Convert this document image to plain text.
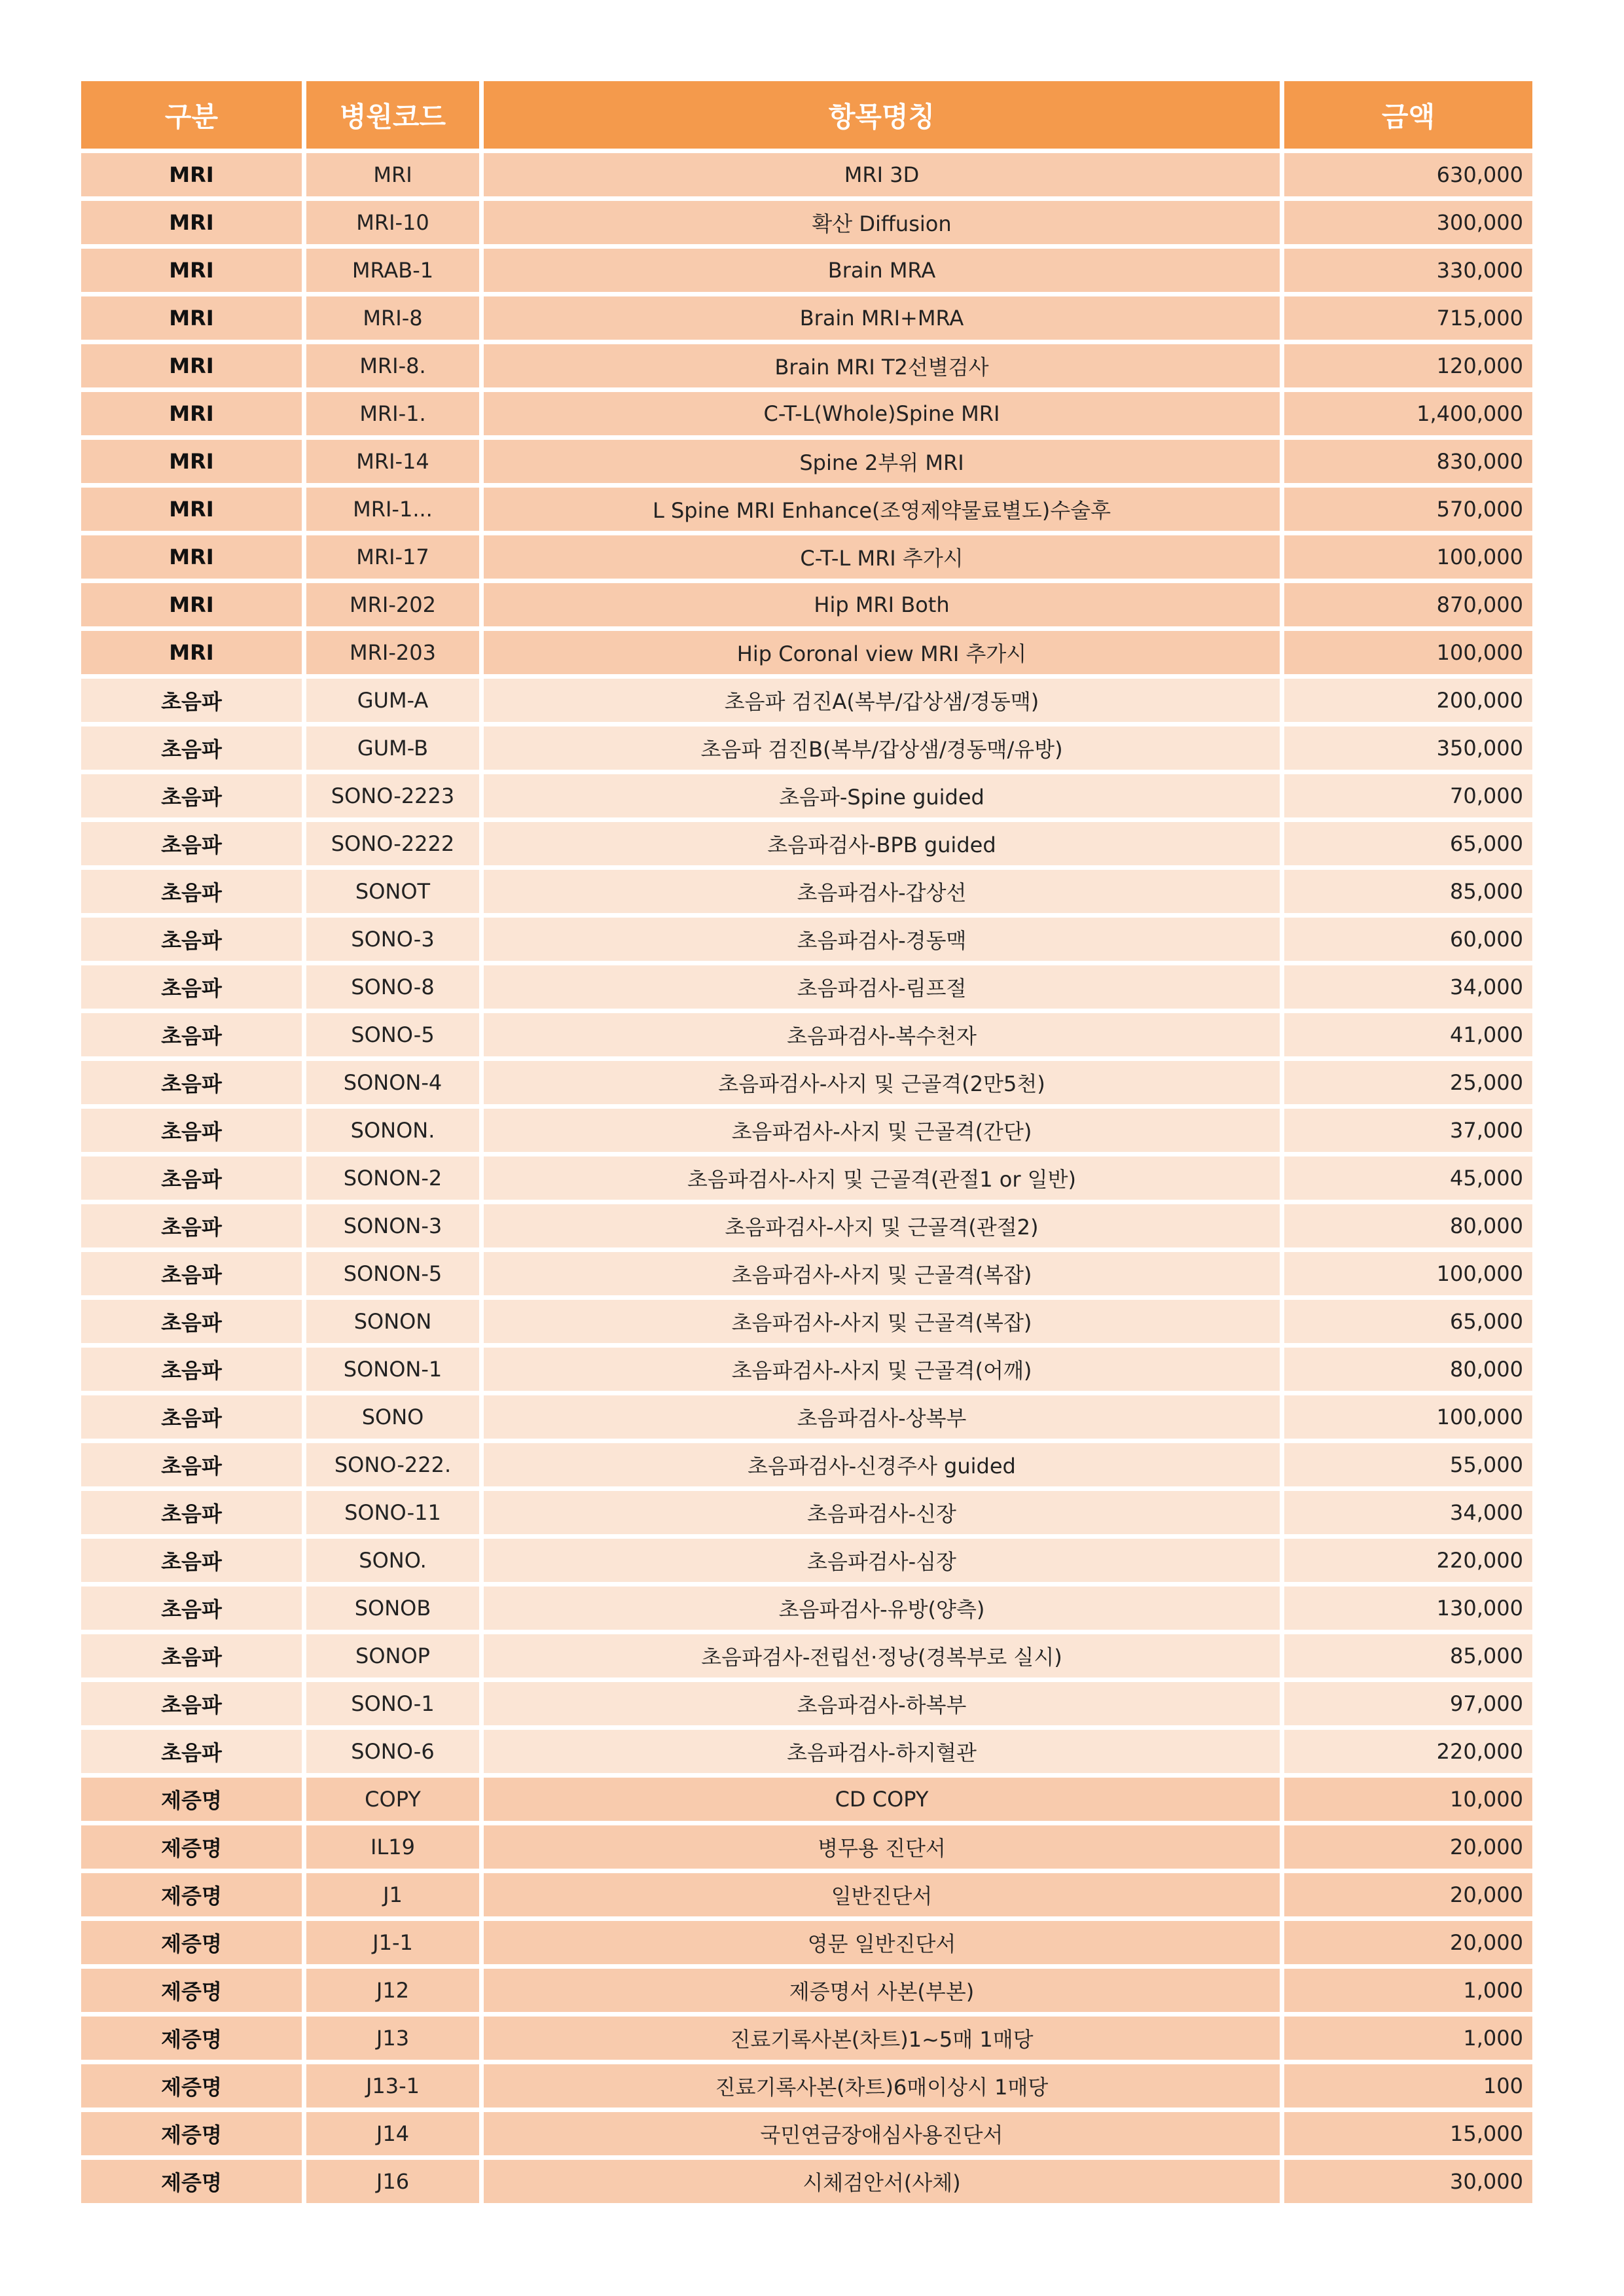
구분	병원코드	항목명칭	금액
MRI	MRI	MRI 3D	630,000
MRI	MRI-10	확산 Diffusion	300,000
MRI	MRAB-1	Brain MRA	330,000
MRI	MRI-8	Brain MRI+MRA	715,000
MRI	MRI-8.	Brain MRI T2선별검사	120,000
MRI	MRI-1.	C-T-L(Whole)Spine MRI	1,400,000
MRI	MRI-14	Spine 2부위 MRI	830,000
MRI	MRI-1...	L Spine MRI Enhance(조영제약물료별도)수술후	570,000
MRI	MRI-17	C-T-L MRI 추가시	100,000
MRI	MRI-202	Hip MRI Both	870,000
MRI	MRI-203	Hip Coronal view MRI 추가시	100,000
초음파	GUM-A	초음파 검진A(복부/갑상샘/경동맥)	200,000
초음파	GUM-B	초음파 검진B(복부/갑상샘/경동맥/유방)	350,000
초음파	SONO-2223	초음파-Spine guided	70,000
초음파	SONO-2222	초음파검사-BPB guided	65,000
초음파	SONOT	초음파검사-갑상선	85,000
초음파	SONO-3	초음파검사-경동맥	60,000
초음파	SONO-8	초음파검사-림프절	34,000
초음파	SONO-5	초음파검사-복수천자	41,000
초음파	SONON-4	초음파검사-사지 및 근골격(2만5천)	25,000
초음파	SONON.	초음파검사-사지 및 근골격(간단)	37,000
초음파	SONON-2	초음파검사-사지 및 근골격(관절1 or 일반)	45,000
초음파	SONON-3	초음파검사-사지 및 근골격(관절2)	80,000
초음파	SONON-5	초음파검사-사지 및 근골격(복잡)	100,000
초음파	SONON	초음파검사-사지 및 근골격(복잡)	65,000
초음파	SONON-1	초음파검사-사지 및 근골격(어깨)	80,000
초음파	SONO	초음파검사-상복부	100,000
초음파	SONO-222.	초음파검사-신경주사 guided	55,000
초음파	SONO-11	초음파검사-신장	34,000
초음파	SONO.	초음파검사-심장	220,000
초음파	SONOB	초음파검사-유방(양측)	130,000
초음파	SONOP	초음파검사-전립선·정낭(경복부로 실시)	85,000
초음파	SONO-1	초음파검사-하복부	97,000
초음파	SONO-6	초음파검사-하지혈관	220,000
제증명	COPY	CD COPY	10,000
제증명	IL19	병무용 진단서	20,000
제증명	J1	일반진단서	20,000
제증명	J1-1	영문 일반진단서	20,000
제증명	J12	제증명서 사본(부본)	1,000
제증명	J13	진료기록사본(차트)1~5매 1매당	1,000
제증명	J13-1	진료기록사본(차트)6매이상시 1매당	100
제증명	J14	국민연금장애심사용진단서	15,000
제증명	J16	시체검안서(사체)	30,000
